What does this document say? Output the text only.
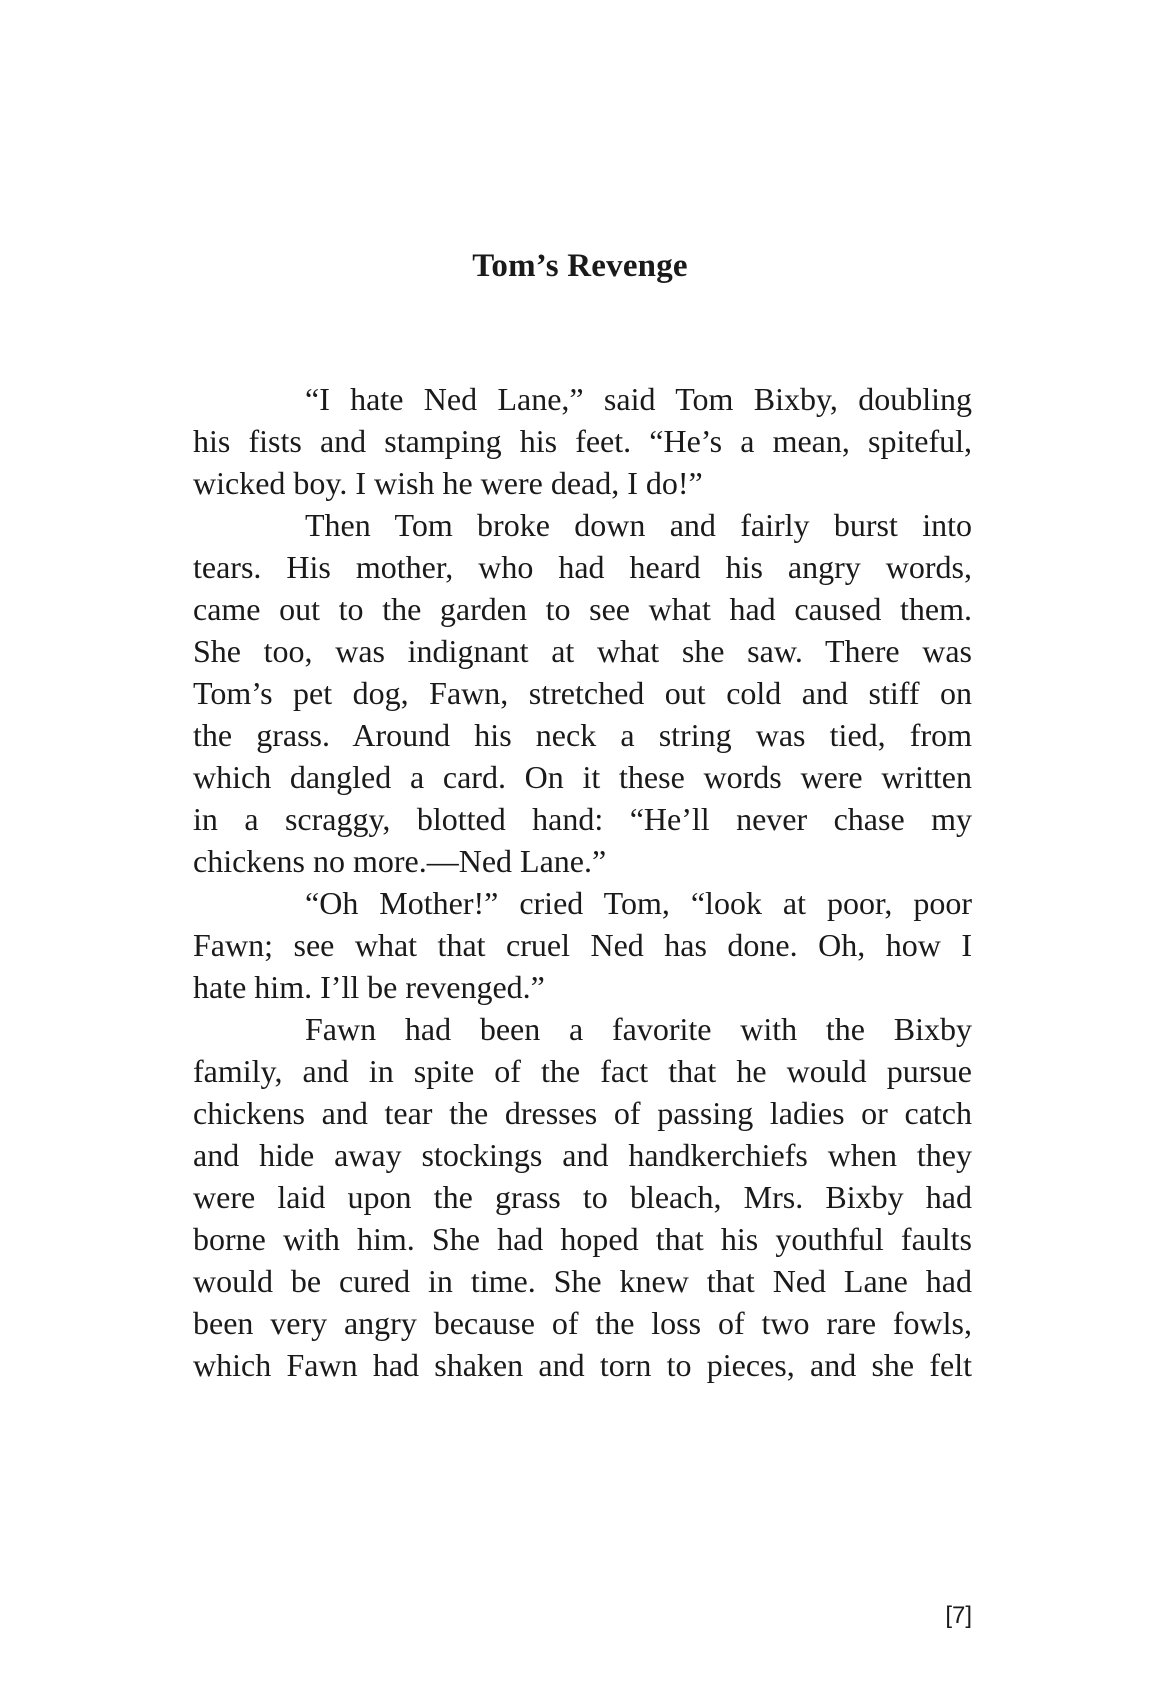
Tom’s Revenge
“I hate Ned Lane,” said Tom Bixby, doubling
his fists and stamping his feet. “He’s a mean, spiteful,
wicked boy. I wish he were dead, I do!”
Then Tom broke down and fairly burst into
tears. His mother, who had heard his angry words,
came out to the garden to see what had caused them.
She too, was indignant at what she saw. There was
Tom’s pet dog, Fawn, stretched out cold and stiff on
the grass. Around his neck a string was tied, from
which dangled a card. On it these words were written
in a scraggy, blotted hand: “He’ll never chase my
chickens no more.—Ned Lane.”
“Oh Mother!” cried Tom, “look at poor, poor
Fawn; see what that cruel Ned has done. Oh, how I
hate him. I’ll be revenged.”
Fawn had been a favorite with the Bixby
family, and in spite of the fact that he would pursue
chickens and tear the dresses of passing ladies or catch
and hide away stockings and handkerchiefs when they
were laid upon the grass to bleach, Mrs. Bixby had
borne with him. She had hoped that his youthful faults
would be cured in time. She knew that Ned Lane had
been very angry because of the loss of two rare fowls,
which Fawn had shaken and torn to pieces, and she felt
[7]
